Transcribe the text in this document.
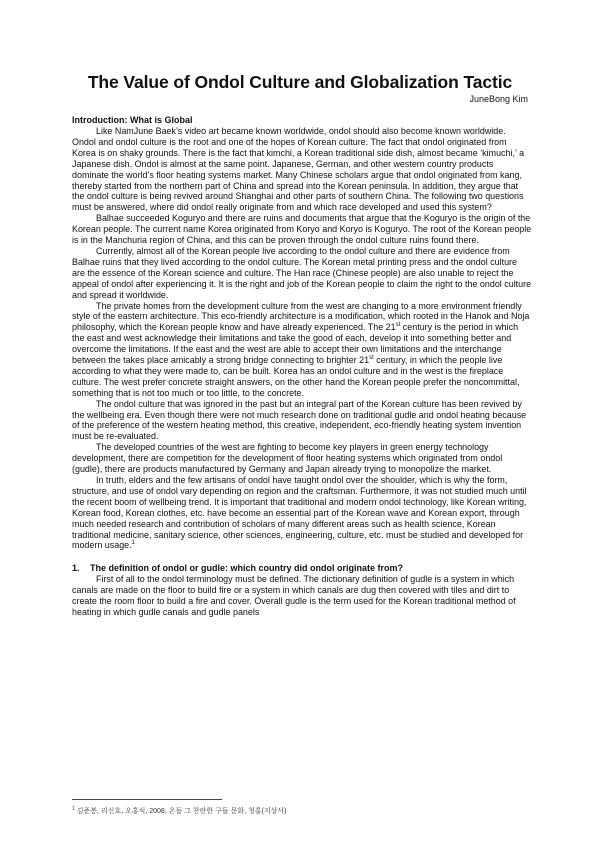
The Value of Ondol Culture and Globalization Tactic
JuneBong Kim
Introduction: What is Global

Like NamJune Baek’s video art became known worldwide, ondol should also become known worldwide. Ondol and ondol culture is the root and one of the hopes of Korean culture. The fact that ondol originated from Korea is on shaky grounds. There is the fact that kimchi, a Korean traditional side dish, almost became ‘kimuchi,’ a Japanese dish. Ondol is almost at the same point. Japanese, German, and other western country products dominate the world’s floor heating systems market. Many Chinese scholars argue that ondol originated from kang, thereby started from the northern part of China and spread into the Korean peninsula. In addition, they argue that the ondol culture is being revived around Shanghai and other parts of southern China. The following two questions must be answered, where did ondol really originate from and which race developed and used this system?

Balhae succeeded Koguryo and there are ruins and documents that argue that the Koguryo is the origin of the Korean people. The current name Korea originated from Koryo and Koryo is Koguryo. The root of the Korean people is in the Manchuria region of China, and this can be proven through the ondol culture ruins found there.

Currently, almost all of the Korean people live according to the ondol culture and there are evidence from Balhae ruins that they lived according to the ondol culture. The Korean metal printing press and the ondol culture are the essence of the Korean science and culture. The Han race (Chinese people) are also unable to reject the appeal of ondol after experiencing it. It is the right and job of the Korean people to claim the right to the ondol culture and spread it worldwide.

The private homes from the development culture from the west are changing to a more environment friendly style of the eastern architecture. This eco-friendly architecture is a modification, which rooted in the Hanok and Noja philosophy, which the Korean people know and have already experienced. The 21st century is the period in which the east and west acknowledge their limitations and take the good of each, develop it into something better and overcome the limitations. If the east and the west are able to accept their own limitations and the interchange between the takes place amicably a strong bridge connecting to brighter 21st century, in which the people live according to what they were made to, can be built. Korea has an ondol culture and in the west is the fireplace culture. The west prefer concrete straight answers, on the other hand the Korean people prefer the noncommittal, something that is not too much or too little, to the concrete.

The ondol culture that was ignored in the past but an integral part of the Korean culture has been revived by the wellbeing era. Even though there were not much research done on traditional gudle and ondol heating because of the preference of the western heating method, this creative, independent, eco-friendly heating system invention must be re-evaluated.

The developed countries of the west are fighting to become key players in green energy technology development, there are competition for the development of floor heating systems which originated from ondol (gudle), there are products manufactured by Germany and Japan already trying to monopolize the market.

In truth, elders and the few artisans of ondol have taught ondol over the shoulder, which is why the form, structure, and use of ondol vary depending on region and the craftsman. Furthermore, it was not studied much until the recent boom of wellbeing trend. It is important that traditional and modern ondol technology, like Korean writing, Korean food, Korean clothes, etc. have become an essential part of the Korean wave and Korean export, through much needed research and contribution of scholars of many different areas such as health science, Korean traditional medicine, sanitary science, other sciences, engineering, culture, etc. must be studied and developed for modern usage.$^1$

1. The definition of ondol or gudle: which country did ondol originate from?

First of all to the ondol terminology must be defined. The dictionary definition of gudle is a system in which canals are made on the floor to build fire or a system in which canals are dug then covered with tiles and dirt to create the room floor to build a fire and cover. Overall gudle is the term used for the Korean traditional method of heating in which gudle canals and gudle panels

$^1$ 김준봉, 리신호, 오홍식, 2008, 온돌 그 찬란한 구들 문화, 청홍(지상사)
